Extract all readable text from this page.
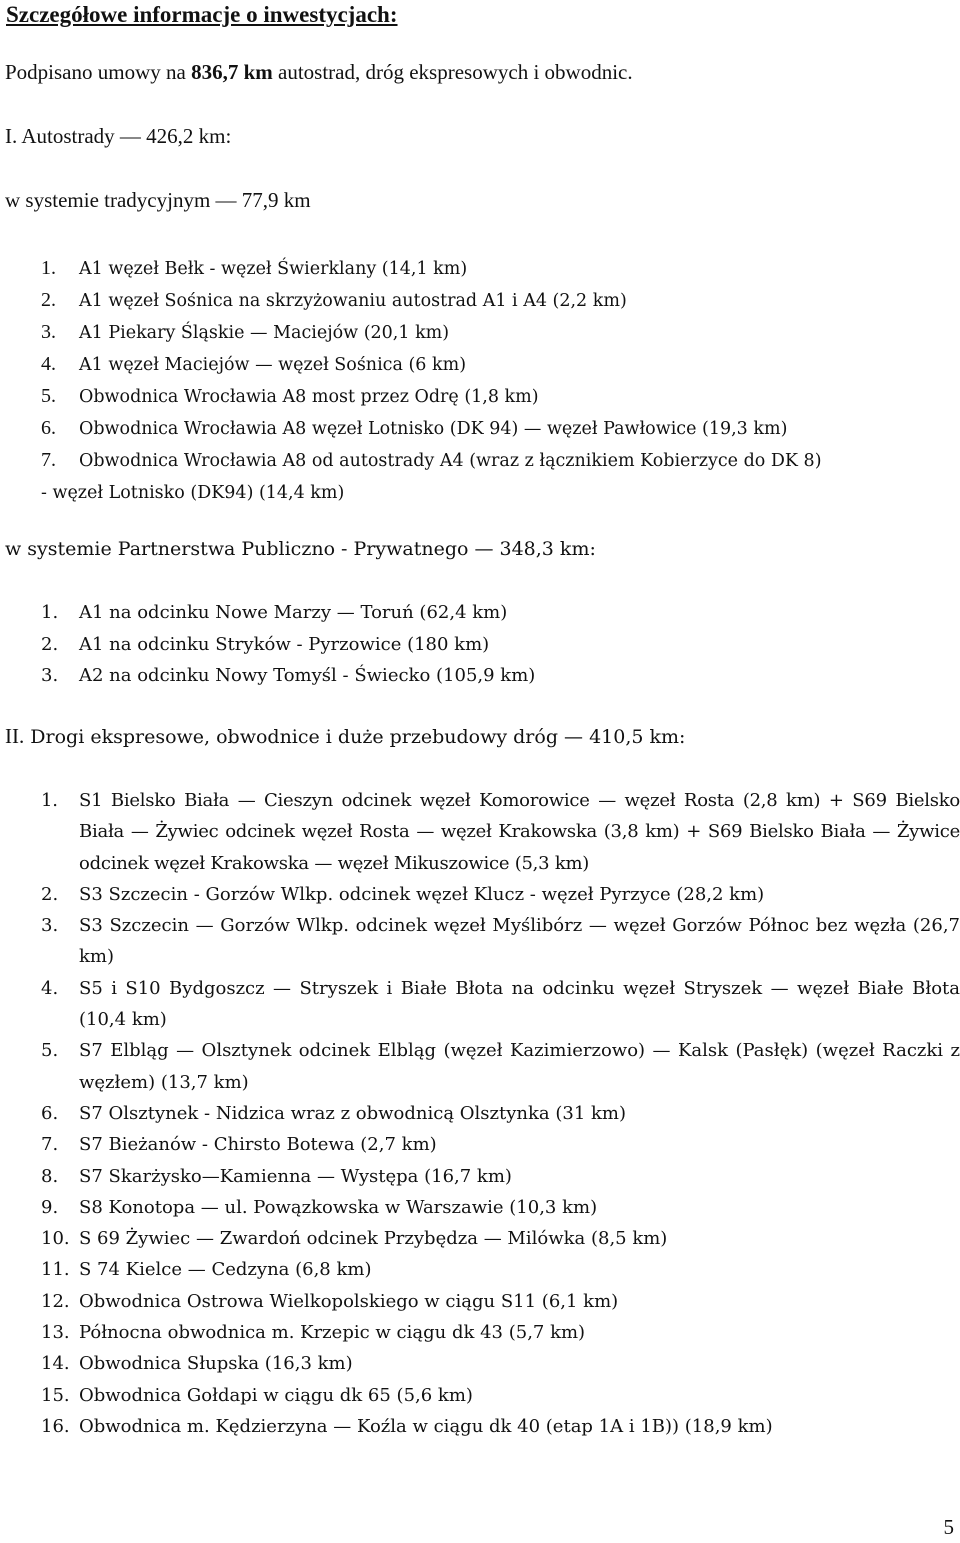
Szczegółowe informacje o inwestycjach:
Podpisano umowy na 836,7 km autostrad, dróg ekspresowych i obwodnic.
I. Autostrady — 426,2 km:
w systemie tradycyjnym — 77,9 km
1. A1 węzeł Bełk - węzeł Świerklany (14,1 km)
2. A1 węzeł Sośnica na skrzyżowaniu autostrad A1 i A4 (2,2 km)
3. A1 Piekary Śląskie — Maciejów (20,1 km)
4. A1 węzeł Maciejów — węzeł Sośnica (6 km)
5. Obwodnica Wrocławia A8 most przez Odrę (1,8 km)
6. Obwodnica Wrocławia A8 węzeł Lotnisko (DK 94) — węzeł Pawłowice (19,3 km)
7. Obwodnica Wrocławia A8 od autostrady A4 (wraz z łącznikiem Kobierzyce do DK 8)
- węzeł Lotnisko (DK94) (14,4 km)
w systemie Partnerstwa Publiczno - Prywatnego — 348,3 km:
1. A1 na odcinku Nowe Marzy — Toruń (62,4 km)
2. A1 na odcinku Stryków - Pyrzowice (180 km)
3. A2 na odcinku Nowy Tomyśl - Świecko (105,9 km)
II. Drogi ekspresowe, obwodnice i duże przebudowy dróg — 410,5 km:
1.	S1 Bielsko Biała — Cieszyn odcinek węzeł Komorowice — węzeł Rosta (2,8 km) + S69 Bielsko Biała — Żywiec odcinek węzeł Rosta — węzeł Krakowska (3,8 km) + S69 Bielsko Biała — Żywice odcinek węzeł Krakowska — węzeł Mikuszowice (5,3 km)
2.	S3 Szczecin - Gorzów Wlkp. odcinek węzeł Klucz - węzeł Pyrzyce (28,2 km)
3.	S3 Szczecin — Gorzów Wlkp. odcinek węzeł Myślibórz — węzeł Gorzów Północ bez węzła (26,7 km)
4.	S5 i S10 Bydgoszcz — Stryszek i Białe Błota na odcinku węzeł Stryszek — węzeł Białe Błota (10,4 km)
5.	S7 Elbląg — Olsztynek odcinek Elbląg (węzeł Kazimierzowo) — Kalsk (Pasłęk) (węzeł Raczki z węzłem) (13,7 km)
6.	S7 Olsztynek - Nidzica wraz z obwodnicą Olsztynka (31 km)
7.	S7 Bieżanów - Chirsto Botewa (2,7 km)
8.	S7 Skarżysko—Kamienna — Występa (16,7 km)
9.	S8 Konotopa — ul. Powązkowska w Warszawie (10,3 km)
10. S 69 Żywiec — Zwardoń odcinek Przybędza — Milówka (8,5 km)
11. S 74 Kielce — Cedzyna (6,8 km)
12. Obwodnica Ostrowa Wielkopolskiego w ciągu S11 (6,1 km)
13. Północna obwodnica m. Krzepic w ciągu dk 43 (5,7 km)
14. Obwodnica Słupska (16,3 km)
15. Obwodnica Gołdapi w ciągu dk 65 (5,6 km)
16. Obwodnica m. Kędzierzyna — Koźla w ciągu dk 40 (etap 1A i 1B)) (18,9 km)
5
